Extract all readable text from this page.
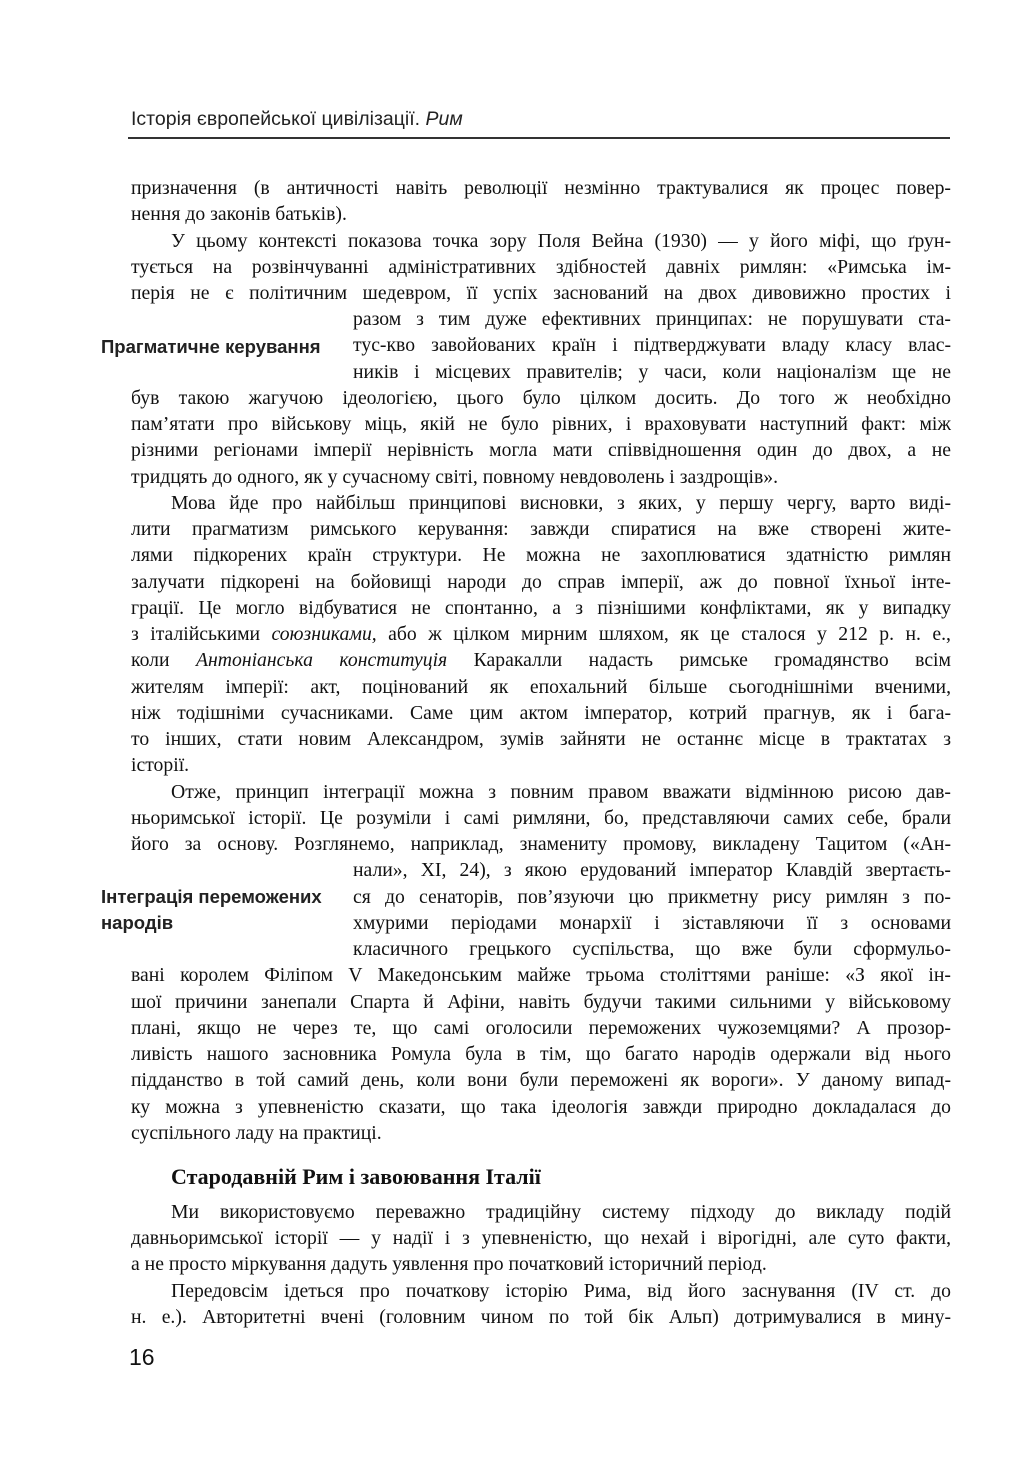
Історія європейської цивілізації. Рим
Прагматичне керування
Інтеграція переможених
народів
призначення (в античності навіть революції незмінно трактувалися як процес повер-
нення до законів батьків).
У цьому контексті показова точка зору Поля Вейна (1930) — у його міфі, що ґрун-
тується на розвінчуванні адміністративних здібностей давніх римлян: «Римська ім-
перія не є політичним шедевром, її успіх заснований на двох дивовижно простих і
разом з тим дуже ефективних принципах: не порушувати ста-
тус-кво завойованих країн і підтверджувати владу класу влас-
ників і місцевих правителів; у часи, коли націоналізм ще не
був такою жагучою ідеологією, цього було цілком досить. До того ж необхідно
пам’ятати про військову міць, якій не було рівних, і враховувати наступний факт: між
різними регіонами імперії нерівність могла мати співвідношення один до двох, а не
тридцять до одного, як у сучасному світі, повному невдоволень і заздрощів».
Мова йде про найбільш принципові висновки, з яких, у першу чергу, варто виді-
лити прагматизм римського керування: завжди спиратися на вже створені жите-
лями підкорених країн структури. Не можна не захоплюватися здатністю римлян
залучати підкорені на бойовищі народи до справ імперії, аж до повної їхньої інте-
грації. Це могло відбуватися не спонтанно, а з пізнішими конфліктами, як у випадку
з італійськими союзниками, або ж цілком мирним шляхом, як це сталося у 212 р. н. е.,
коли Антоніанська конституція Каракалли надасть римське громадянство всім
жителям імперії: акт, поцінований як епохальний більше сьогоднішніми вченими,
ніж тодішніми сучасниками. Саме цим актом імператор, котрий прагнув, як і бага-
то інших, стати новим Александром, зумів зайняти не останнє місце в трактатах з
історії.
Отже, принцип інтеграції можна з повним правом вважати відмінною рисою дав-
ньоримської історії. Це розуміли і самі римляни, бо, представляючи самих себе, брали
його за основу. Розглянемо, наприклад, знамениту промову, викладену Тацитом («Ан-
нали», XI, 24), з якою ерудований імператор Клавдій звертаєть-
ся до сенаторів, пов’язуючи цю прикметну рису римлян з по-
хмурими періодами монархії і зіставляючи її з основами
класичного грецького суспільства, що вже були сформульо-
вані королем Філіпом V Македонським майже трьома століттями раніше: «З якої ін-
шої причини занепали Спарта й Афіни, навіть будучи такими сильними у військовому
плані, якщо не через те, що самі оголосили переможених чужоземцями? А прозор-
ливість нашого засновника Ромула була в тім, що багато народів одержали від нього
підданство в той самий день, коли вони були переможені як вороги». У даному випад-
ку можна з упевненістю сказати, що така ідеологія завжди природно докладалася до
суспільного ладу на практиці.
Стародавній Рим і завоювання Італії
Ми використовуємо переважно традиційну систему підходу до викладу подій
давньоримської історії — у надії і з упевненістю, що нехай і вірогідні, але суто факти,
а не просто міркування дадуть уявлення про початковий історичний період.
Передовсім ідеться про початкову історію Рима, від його заснування (IV ст. до
н. е.). Авторитетні вчені (головним чином по той бік Альп) дотримувалися в мину-
16
